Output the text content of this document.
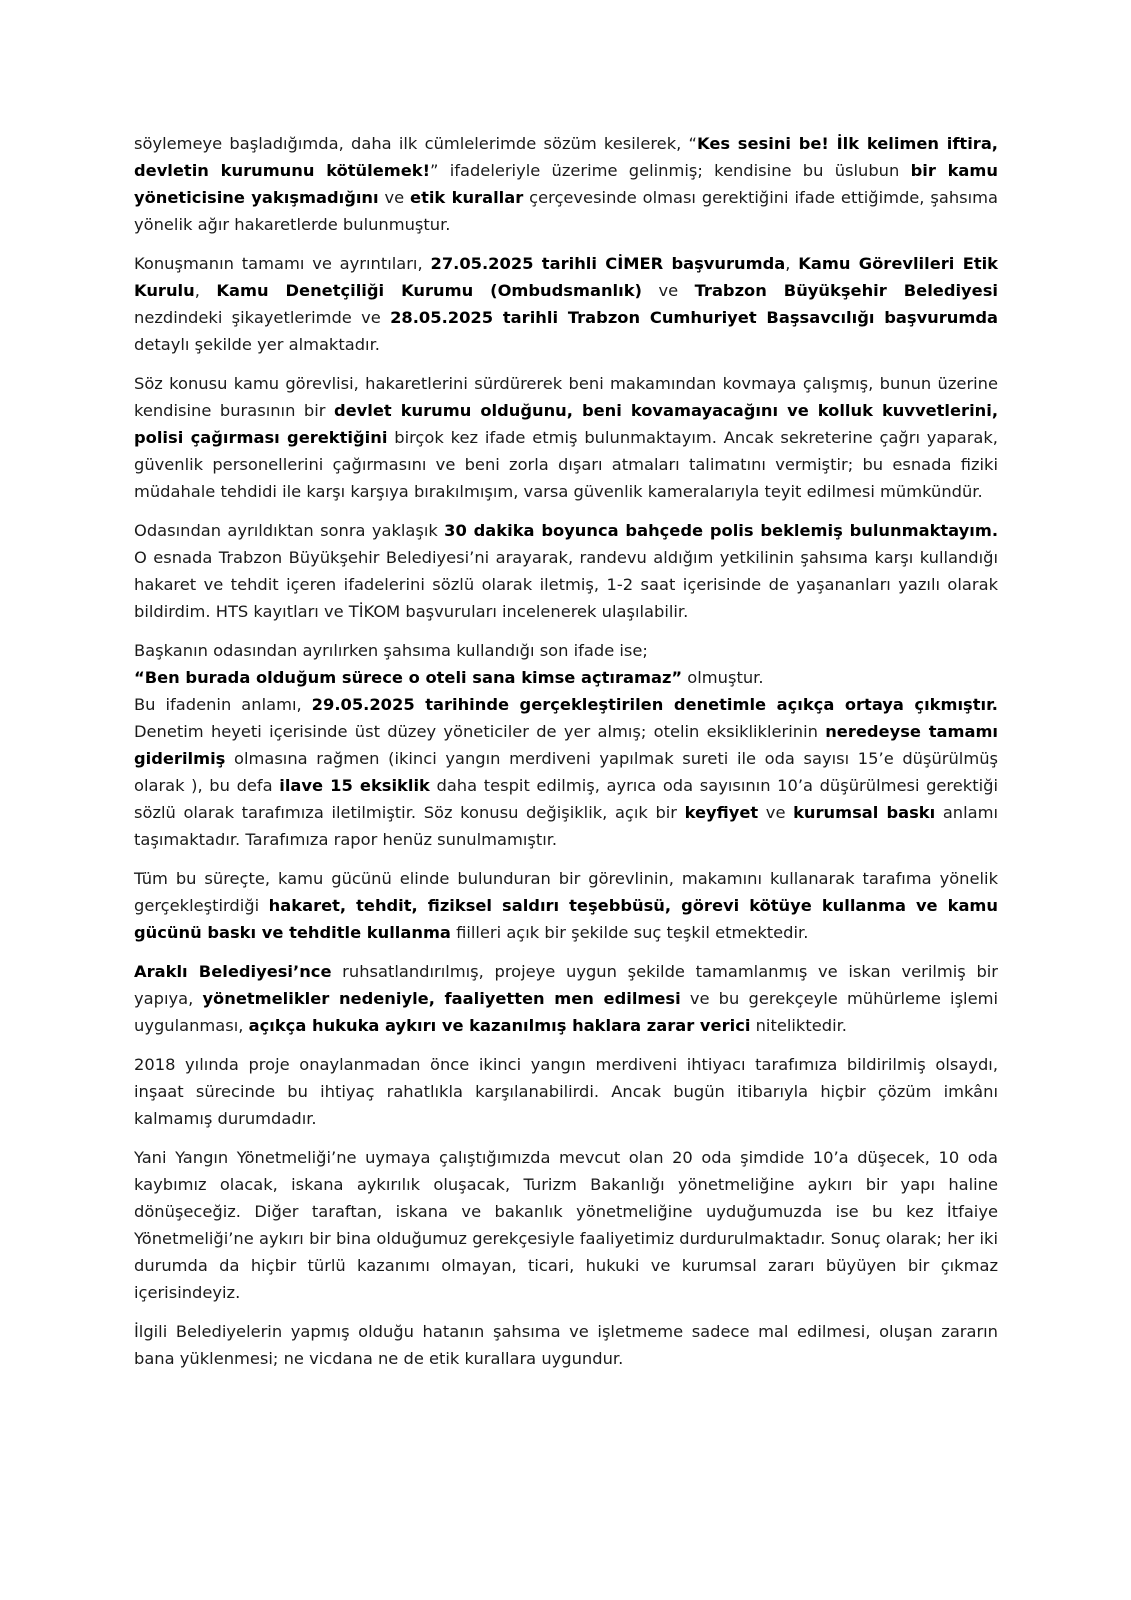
söylemeye başladığımda, daha ilk cümlelerimde sözüm kesilerek, “Kes sesini be! İlk kelimen iftira, devletin kurumunu kötülemek!” ifadeleriyle üzerime gelinmiş; kendisine bu üslubun bir kamu yöneticisine yakışmadığını ve etik kurallar çerçevesinde olması gerektiğini ifade ettiğimde, şahsıma yönelik ağır hakaretlerde bulunmuştur.

Konuşmanın tamamı ve ayrıntıları, 27.05.2025 tarihli CİMER başvurumda, Kamu Görevlileri Etik Kurulu, Kamu Denetçiliği Kurumu (Ombudsmanlık) ve Trabzon Büyükşehir Belediyesi nezdindeki şikayetlerimde ve 28.05.2025 tarihli Trabzon Cumhuriyet Başsavcılığı başvurumda detaylı şekilde yer almaktadır.

Söz konusu kamu görevlisi, hakaretlerini sürdürerek beni makamından kovmaya çalışmış, bunun üzerine kendisine burasının bir devlet kurumu olduğunu, beni kovamayacağını ve kolluk kuvvetlerini, polisi çağırması gerektiğini birçok kez ifade etmiş bulunmaktayım. Ancak sekreterine çağrı yaparak, güvenlik personellerini çağırmasını ve beni zorla dışarı atmaları talimatını vermiştir; bu esnada fiziki müdahale tehdidi ile karşı karşıya bırakılmışım, varsa güvenlik kameralarıyla teyit edilmesi mümkündür.

Odasından ayrıldıktan sonra yaklaşık 30 dakika boyunca bahçede polis beklemiş bulunmaktayım. O esnada Trabzon Büyükşehir Belediyesi’ni arayarak, randevu aldığım yetkilinin şahsıma karşı kullandığı hakaret ve tehdit içeren ifadelerini sözlü olarak iletmiş, 1-2 saat içerisinde de yaşananları yazılı olarak bildirdim. HTS kayıtları ve TİKOM başvuruları incelenerek ulaşılabilir.

Başkanın odasından ayrılırken şahsıma kullandığı son ifade ise;
“Ben burada olduğum sürece o oteli sana kimse açtıramaz” olmuştur.
Bu ifadenin anlamı, 29.05.2025 tarihinde gerçekleştirilen denetimle açıkça ortaya çıkmıştır. Denetim heyeti içerisinde üst düzey yöneticiler de yer almış; otelin eksikliklerinin neredeyse tamamı giderilmiş olmasına rağmen (ikinci yangın merdiveni yapılmak sureti ile oda sayısı 15’e düşürülmüş olarak ), bu defa ilave 15 eksiklik daha tespit edilmiş, ayrıca oda sayısının 10’a düşürülmesi gerektiği sözlü olarak tarafımıza iletilmiştir. Söz konusu değişiklik, açık bir keyfiyet ve kurumsal baskı anlamı taşımaktadır. Tarafımıza rapor henüz sunulmamıştır.

Tüm bu süreçte, kamu gücünü elinde bulunduran bir görevlinin, makamını kullanarak tarafıma yönelik gerçekleştirdiği hakaret, tehdit, fiziksel saldırı teşebbüsü, görevi kötüye kullanma ve kamu gücünü baskı ve tehditle kullanma fiilleri açık bir şekilde suç teşkil etmektedir.

Araklı Belediyesi’nce ruhsatlandırılmış, projeye uygun şekilde tamamlanmış ve iskan verilmiş bir yapıya, yönetmelikler nedeniyle, faaliyetten men edilmesi ve bu gerekçeyle mühürleme işlemi uygulanması, açıkça hukuka aykırı ve kazanılmış haklara zarar verici niteliktedir.

2018 yılında proje onaylanmadan önce ikinci yangın merdiveni ihtiyacı tarafımıza bildirilmiş olsaydı, inşaat sürecinde bu ihtiyaç rahatlıkla karşılanabilirdi. Ancak bugün itibarıyla hiçbir çözüm imkânı kalmamış durumdadır.

Yani Yangın Yönetmeliği’ne uymaya çalıştığımızda mevcut olan 20 oda şimdide 10’a düşecek, 10 oda kaybımız olacak, iskana aykırılık oluşacak, Turizm Bakanlığı yönetmeliğine aykırı bir yapı haline dönüşeceğiz. Diğer taraftan, iskana ve bakanlık yönetmeliğine uyduğumuzda ise bu kez İtfaiye Yönetmeliği’ne aykırı bir bina olduğumuz gerekçesiyle faaliyetimiz durdurulmaktadır. Sonuç olarak; her iki durumda da hiçbir türlü kazanımı olmayan, ticari, hukuki ve kurumsal zararı büyüyen bir çıkmaz içerisindeyiz.

İlgili Belediyelerin yapmış olduğu hatanın şahsıma ve işletmeme sadece mal edilmesi, oluşan zararın bana yüklenmesi; ne vicdana ne de etik kurallara uygundur.
